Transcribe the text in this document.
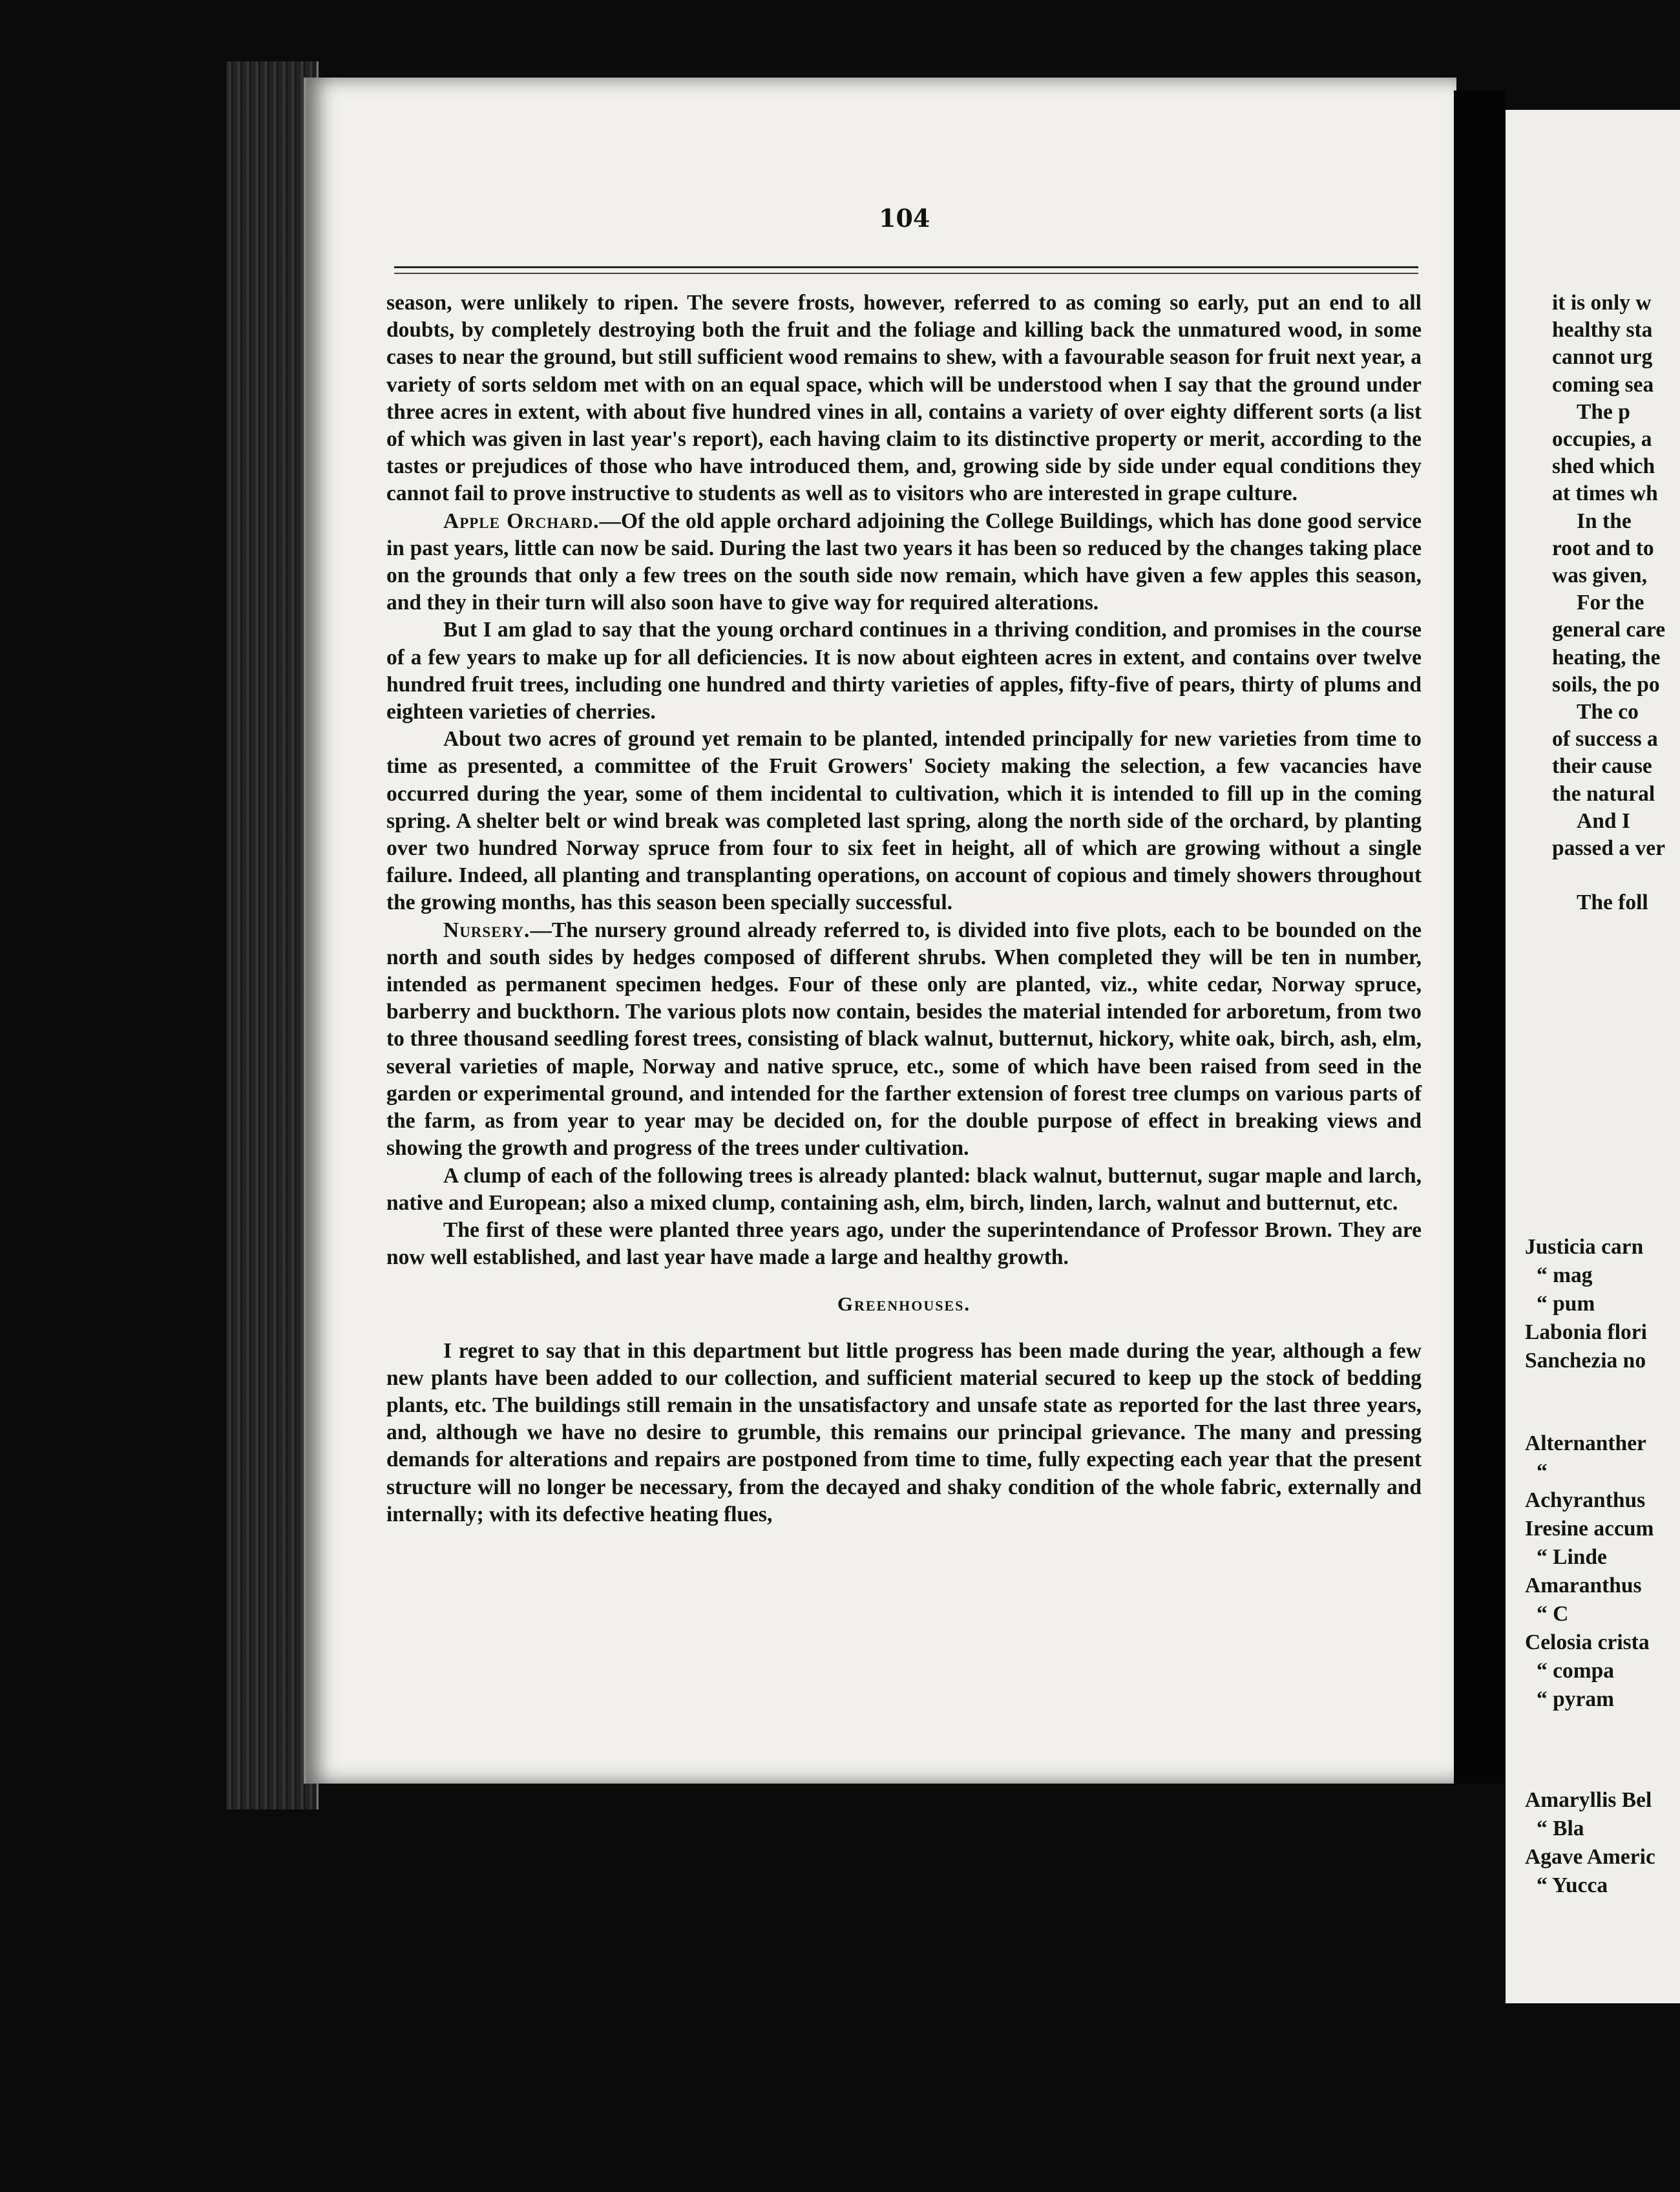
104

season, were unlikely to ripen. The severe frosts, however, referred to as coming so early, put an end to all doubts, by completely destroying both the fruit and the foliage and killing back the unmatured wood, in some cases to near the ground, but still sufficient wood remains to shew, with a favourable season for fruit next year, a variety of sorts seldom met with on an equal space, which will be understood when I say that the ground under three acres in extent, with about five hundred vines in all, contains a variety of over eighty different sorts (a list of which was given in last year's report), each having claim to its distinctive property or merit, according to the tastes or prejudices of those who have introduced them, and, growing side by side under equal conditions they cannot fail to prove instructive to students as well as to visitors who are interested in grape culture.

Apple Orchard.—Of the old apple orchard adjoining the College Buildings, which has done good service in past years, little can now be said. During the last two years it has been so reduced by the changes taking place on the grounds that only a few trees on the south side now remain, which have given a few apples this season, and they in their turn will also soon have to give way for required alterations.

But I am glad to say that the young orchard continues in a thriving condition, and promises in the course of a few years to make up for all deficiencies. It is now about eighteen acres in extent, and contains over twelve hundred fruit trees, including one hundred and thirty varieties of apples, fifty-five of pears, thirty of plums and eighteen varieties of cherries.

About two acres of ground yet remain to be planted, intended principally for new varieties from time to time as presented, a committee of the Fruit Growers' Society making the selection, a few vacancies have occurred during the year, some of them incidental to cultivation, which it is intended to fill up in the coming spring. A shelter belt or wind break was completed last spring, along the north side of the orchard, by planting over two hundred Norway spruce from four to six feet in height, all of which are growing without a single failure. Indeed, all planting and transplanting operations, on account of copious and timely showers throughout the growing months, has this season been specially successful.

Nursery.—The nursery ground already referred to, is divided into five plots, each to be bounded on the north and south sides by hedges composed of different shrubs. When completed they will be ten in number, intended as permanent specimen hedges. Four of these only are planted, viz., white cedar, Norway spruce, barberry and buckthorn. The various plots now contain, besides the material intended for arboretum, from two to three thousand seedling forest trees, consisting of black walnut, butternut, hickory, white oak, birch, ash, elm, several varieties of maple, Norway and native spruce, etc., some of which have been raised from seed in the garden or experimental ground, and intended for the farther extension of forest tree clumps on various parts of the farm, as from year to year may be decided on, for the double purpose of effect in breaking views and showing the growth and progress of the trees under cultivation.

A clump of each of the following trees is already planted: black walnut, butternut, sugar maple and larch, native and European; also a mixed clump, containing ash, elm, birch, linden, larch, walnut and butternut, etc.

The first of these were planted three years ago, under the superintendance of Professor Brown. They are now well established, and last year have made a large and healthy growth.

Greenhouses.

I regret to say that in this department but little progress has been made during the year, although a few new plants have been added to our collection, and sufficient material secured to keep up the stock of bedding plants, etc. The buildings still remain in the unsatisfactory and unsafe state as reported for the last three years, and, although we have no desire to grumble, this remains our principal grievance. The many and pressing demands for alterations and repairs are postponed from time to time, fully expecting each year that the present structure will no longer be necessary, from the decayed and shaky condition of the whole fabric, externally and internally; with its defective heating flues,

it is only w
healthy sta
cannot urg
coming sea
The p
occupies, a
shed which
at times wh
In the
root and to
was given,
For the
general care
heating, the
soils, the po
The co
of success a
their cause
the natural
And I
passed a ver

The foll
Justicia carn
“ mag
“ pum
Labonia flori
Sanchezia no
Alternanther
“
Achyranthus
Iresine accum
“ Linde
Amaranthus
“ C
Celosia crista
“ compa
“ pyram
Amaryllis Bel
“ Bla
Agave Americ
“ Yucca
